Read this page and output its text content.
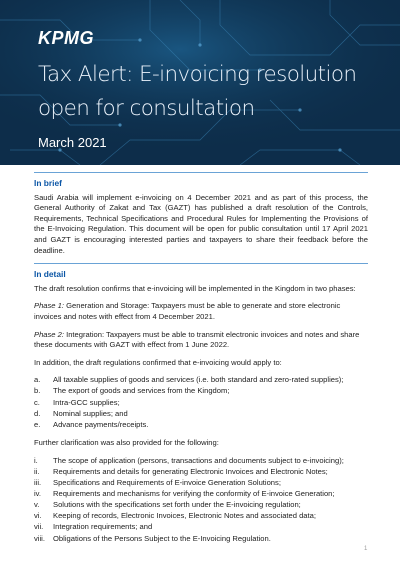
KPMG
Tax Alert: E-invoicing resolution open for consultation
March 2021
In brief

Saudi Arabia will implement e-invoicing on 4 December 2021 and as part of this process, the General Authority of Zakat and Tax (GAZT) has published a draft resolution of the Controls, Requirements, Technical Specifications and Procedural Rules for Implementing the Provisions of the E-Invoicing Regulation. This document will be open for public consultation until 17 April 2021 and GAZT is encouraging interested parties and taxpayers to share their feedback before the deadline.

In detail

The draft resolution confirms that e-invoicing will be implemented in the Kingdom in two phases:

Phase 1: Generation and Storage: Taxpayers must be able to generate and store electronic invoices and notes with effect from 4 December 2021.

Phase 2: Integration: Taxpayers must be able to transmit electronic invoices and notes and share these documents with GAZT with effect from 1 June 2022.

In addition, the draft regulations confirmed that e-invoicing would apply to:

a.	All taxable supplies of goods and services (i.e. both standard and zero-rated supplies);
b.	The export of goods and services from the Kingdom;
c.	Intra-GCC supplies;
d.	Nominal supplies; and
e.	Advance payments/receipts.

Further clarification was also provided for the following:

i.	The scope of application (persons, transactions and documents subject to e-invoicing);
ii.	Requirements and details for generating Electronic Invoices and Electronic Notes;
iii.	Specifications and Requirements of E-invoice Generation Solutions;
iv.	Requirements and mechanisms for verifying the conformity of E-invoice Generation;
v.	Solutions with the specifications set forth under the E-invoicing regulation;
vi.	Keeping of records, Electronic Invoices, Electronic Notes and associated data;
vii.	Integration requirements; and
viii.	Obligations of the Persons Subject to the E-Invoicing Regulation.
1
